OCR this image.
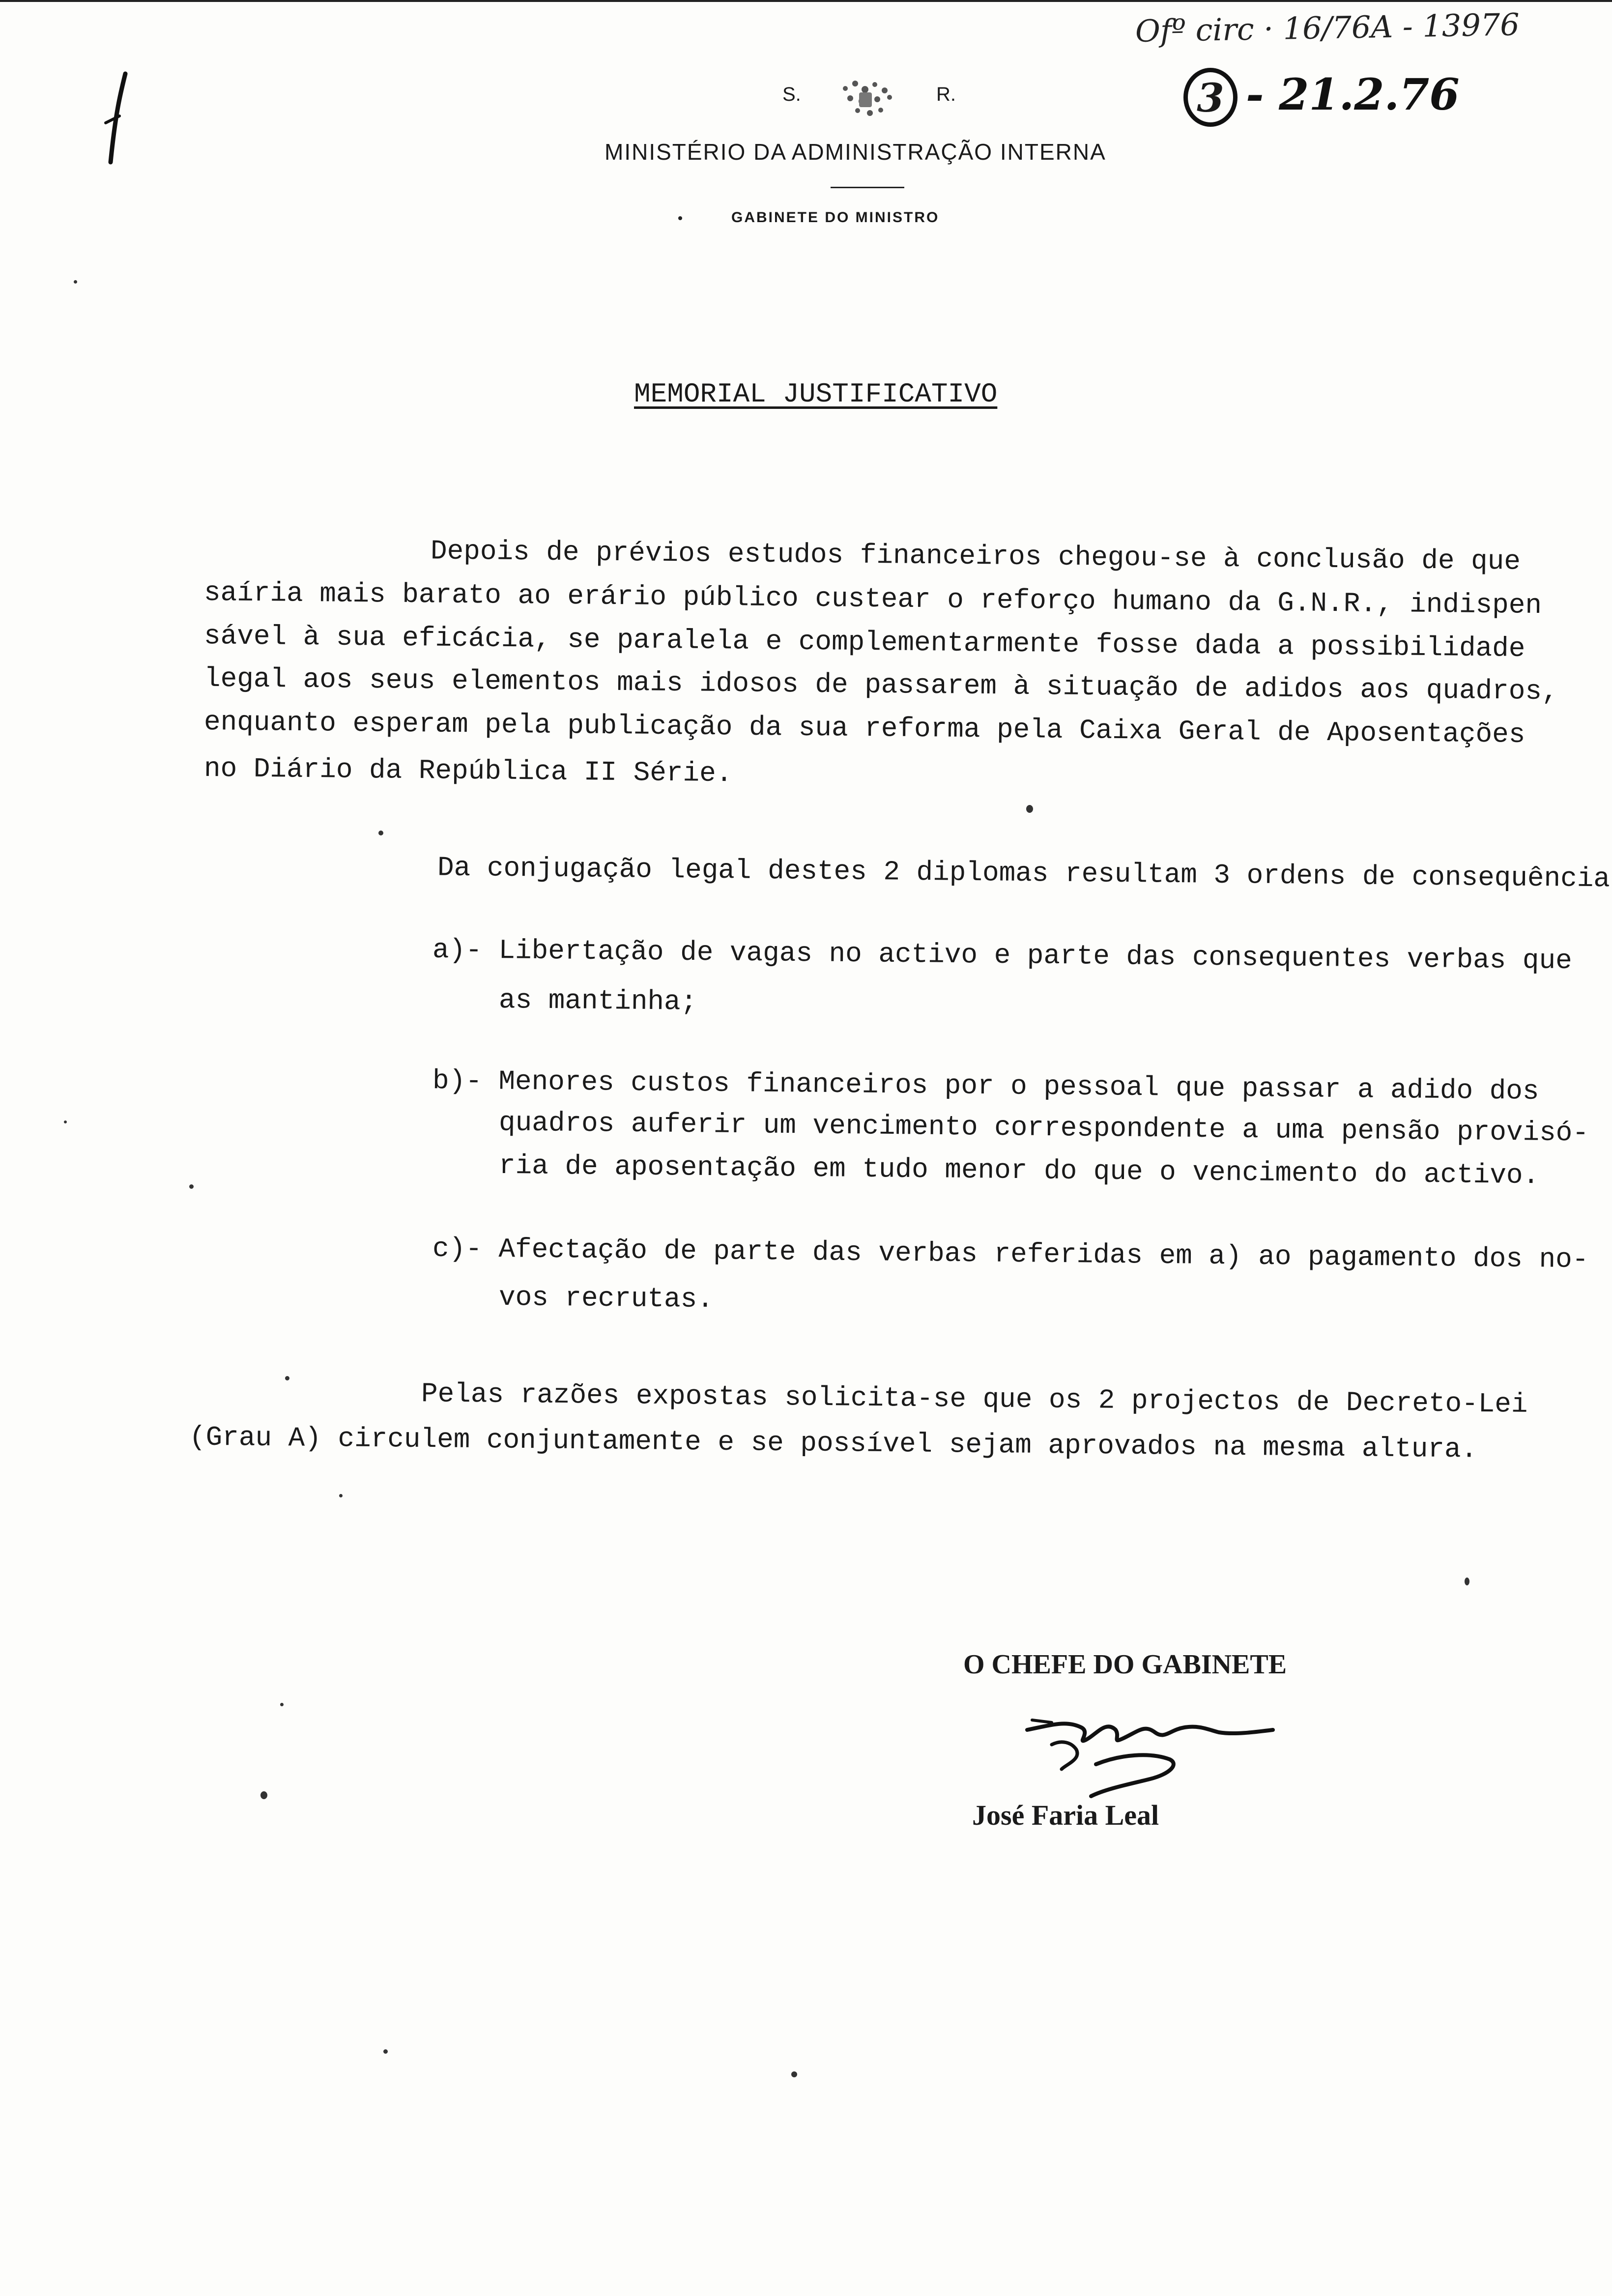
Ofº circ · 16/76A - 13976
3 - 21.2.76
S.	R.
MINISTÉRIO DA ADMINISTRAÇÃO INTERNA
GABINETE DO MINISTRO
MEMORIAL JUSTIFICATIVO
Depois de prévios estudos financeiros chegou-se à conclusão de que
saíria mais barato ao erário público custear o reforço humano da G.N.R., indispen
sável à sua eficácia, se paralela e complementarmente fosse dada a possibilidade
legal aos seus elementos mais idosos de passarem à situação de adidos aos quadros,
enquanto esperam pela publicação da sua reforma pela Caixa Geral de Aposentações
no Diário da República II Série.
Da conjugação legal destes 2 diplomas resultam 3 ordens de consequência
a)- Libertação de vagas no activo e parte das consequentes verbas que
as mantinha;
b)- Menores custos financeiros por o pessoal que passar a adido dos
quadros auferir um vencimento correspondente a uma pensão provisó-
ria de aposentação em tudo menor do que o vencimento do activo.
c)- Afectação de parte das verbas referidas em a) ao pagamento dos no-
vos recrutas.
Pelas razões expostas solicita-se que os 2 projectos de Decreto-Lei
(Grau A) circulem conjuntamente e se possível sejam aprovados na mesma altura.
O CHEFE DO GABINETE
José Faria Leal
